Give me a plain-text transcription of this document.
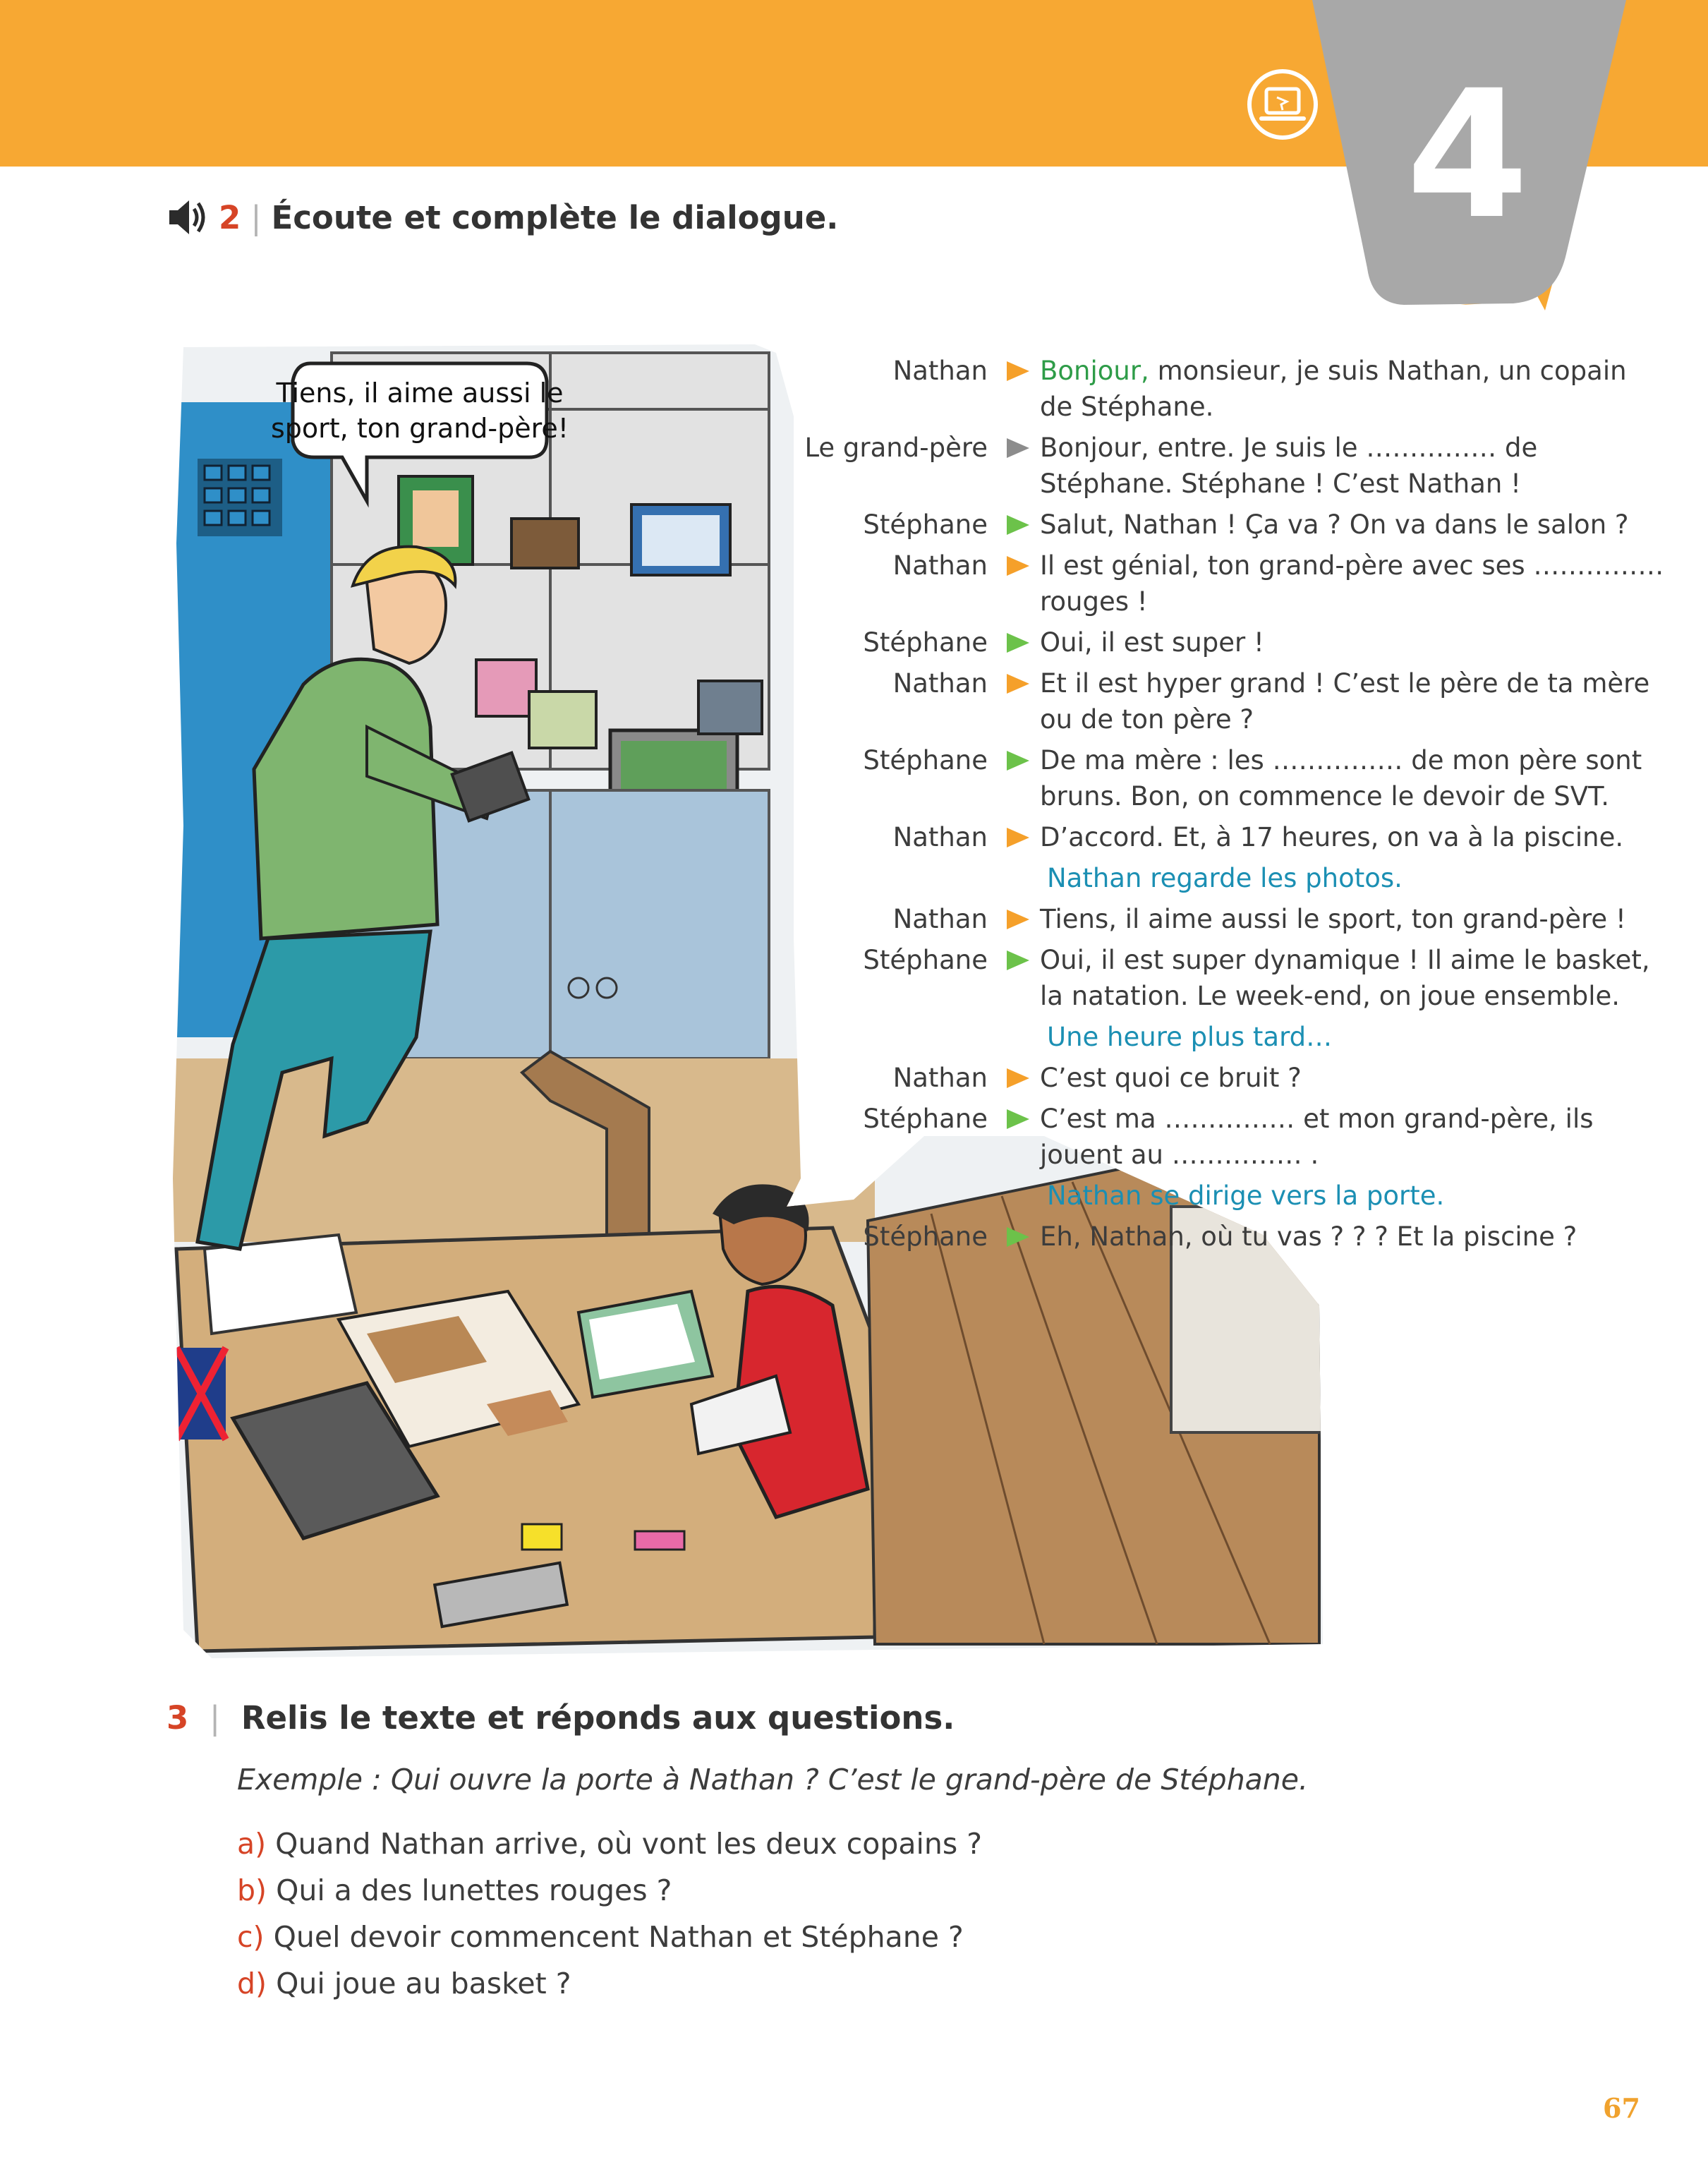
4
2 | Écoute et complète le dialogue.
Tiens, il aime aussi le
sport, ton grand-père!
Nathan Bonjour, monsieur, je suis Nathan, un copain de Stéphane.
Le grand-père Bonjour, entre. Je suis le …………… de Stéphane. Stéphane ! C’est Nathan !
Stéphane Salut, Nathan ! Ça va ? On va dans le salon ?
Nathan Il est génial, ton grand-père avec ses …………… rouges !
Stéphane Oui, il est super !
Nathan Et il est hyper grand ! C’est le père de ta mère ou de ton père ?
Stéphane De ma mère : les …………… de mon père sont bruns. Bon, on commence le devoir de SVT.
Nathan D’accord. Et, à 17 heures, on va à la piscine.
Nathan regarde les photos.
Nathan Tiens, il aime aussi le sport, ton grand-père !
Stéphane Oui, il est super dynamique ! Il aime le basket, la natation. Le week-end, on joue ensemble.
Une heure plus tard…
Nathan C’est quoi ce bruit ?
Stéphane C’est ma …………… et mon grand-père, ils jouent au …………… .
Nathan se dirige vers la porte.
Stéphane Eh, Nathan, où tu vas ? ? ? Et la piscine ?
3 | Relis le texte et réponds aux questions.
Exemple : Qui ouvre la porte à Nathan ? C’est le grand-père de Stéphane.
a) Quand Nathan arrive, où vont les deux copains ?
b) Qui a des lunettes rouges ?
c) Quel devoir commencent Nathan et Stéphane ?
d) Qui joue au basket ?
67
